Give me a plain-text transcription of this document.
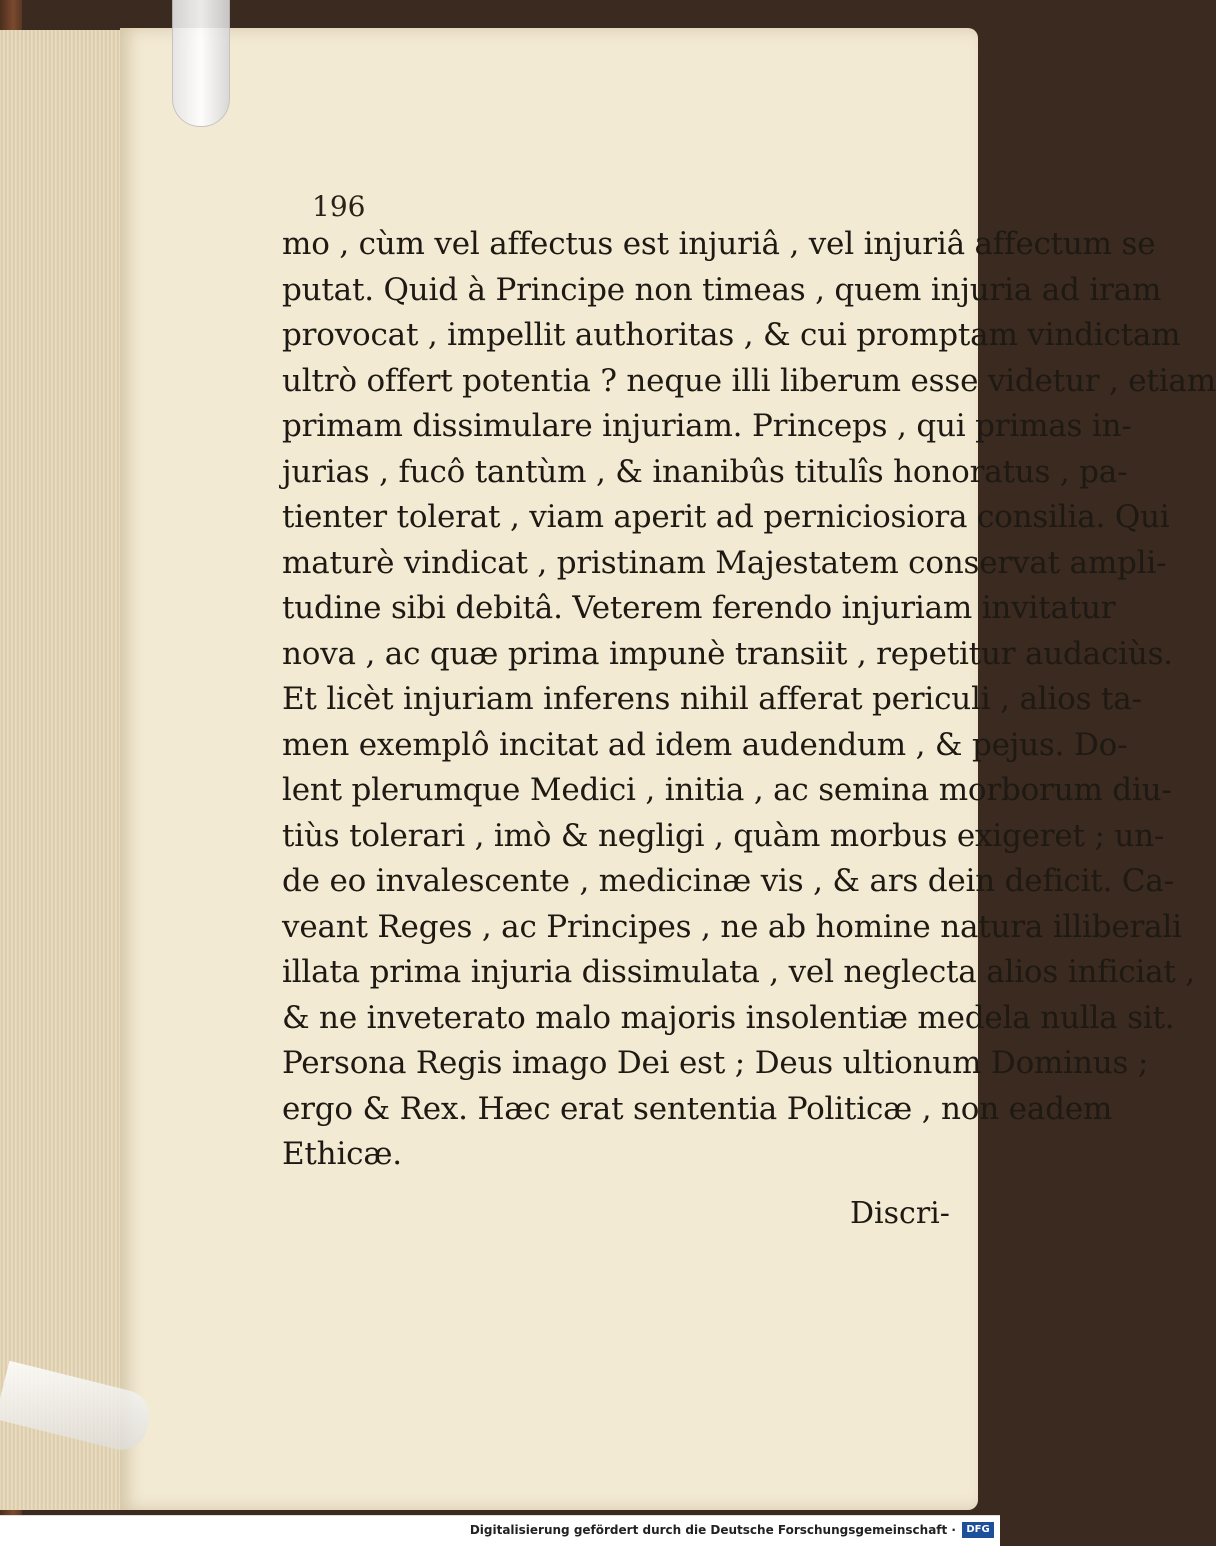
196
mo , cùm vel affectus est injuriâ , vel injuriâ affectum se
putat. Quid à Principe non timeas , quem injuria ad iram
provocat , impellit authoritas , & cui promptam vindictam
ultrò offert potentia ? neque illi liberum esse videtur , etiam
primam dissimulare injuriam. Princeps , qui primas in-
jurias , fucô tantùm , & inanibûs titulîs honoratus , pa-
tienter tolerat , viam aperit ad perniciosiora consilia. Qui
maturè vindicat , pristinam Majestatem conservat ampli-
tudine sibi debitâ. Veterem ferendo injuriam invitatur
nova , ac quæ prima impunè transiit , repetitur audaciùs.
Et licèt injuriam inferens nihil afferat periculi , alios ta-
men exemplô incitat ad idem audendum , & pejus. Do-
lent plerumque Medici , initia , ac semina morborum diu-
tiùs tolerari , imò & negligi , quàm morbus exigeret ; un-
de eo invalescente , medicinæ vis , & ars dein deficit. Ca-
veant Reges , ac Principes , ne ab homine natura illiberali
illata prima injuria dissimulata , vel neglecta alios inficiat ,
& ne inveterato malo majoris insolentiæ medela nulla sit.
Persona Regis imago Dei est ; Deus ultionum Dominus ;
ergo & Rex. Hæc erat sententia Politicæ , non eadem
Ethicæ.
Discri-
Digitalisierung gefördert durch die Deutsche Forschungsgemeinschaft ·	DFG
